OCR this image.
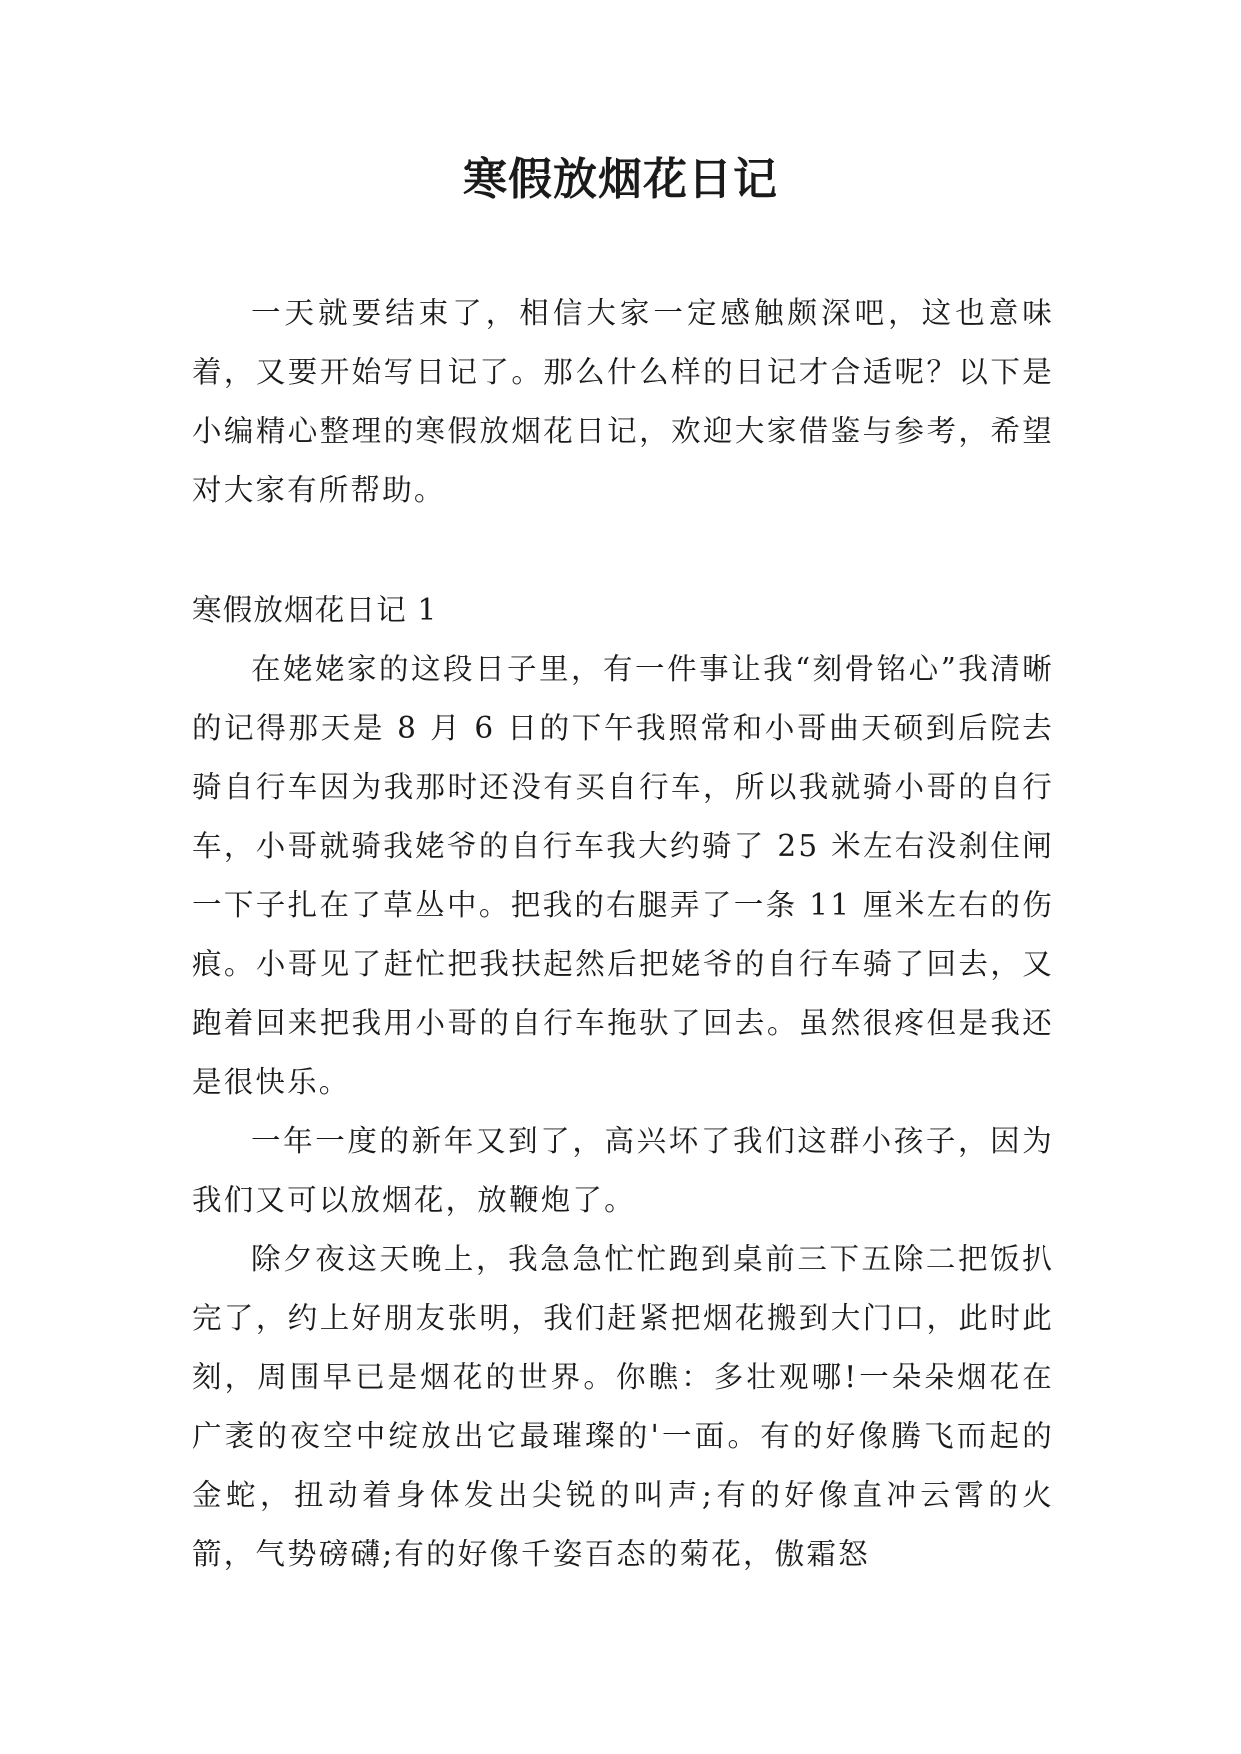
寒假放烟花日记

一天就要结束了，相信大家一定感触颇深吧，这也意味着，又要开始写日记了。那么什么样的日记才合适呢？以下是小编精心整理的寒假放烟花日记，欢迎大家借鉴与参考，希望对大家有所帮助。

寒假放烟花日记 1

在姥姥家的这段日子里，有一件事让我“刻骨铭心”我清晰的记得那天是 8 月 6 日的下午我照常和小哥曲天硕到后院去骑自行车因为我那时还没有买自行车，所以我就骑小哥的自行车，小哥就骑我姥爷的自行车我大约骑了 25 米左右没刹住闸一下子扎在了草丛中。把我的右腿弄了一条 11 厘米左右的伤痕。小哥见了赶忙把我扶起然后把姥爷的自行车骑了回去，又跑着回来把我用小哥的自行车拖驮了回去。虽然很疼但是我还是很快乐。

一年一度的新年又到了，高兴坏了我们这群小孩子，因为我们又可以放烟花，放鞭炮了。

除夕夜这天晚上，我急急忙忙跑到桌前三下五除二把饭扒完了，约上好朋友张明，我们赶紧把烟花搬到大门口，此时此刻，周围早已是烟花的世界。你瞧：多壮观哪!一朵朵烟花在广袤的夜空中绽放出它最璀璨的'一面。有的好像腾飞而起的金蛇，扭动着身体发出尖锐的叫声;有的好像直冲云霄的火箭，气势磅礴;有的好像千姿百态的菊花，傲霜怒
